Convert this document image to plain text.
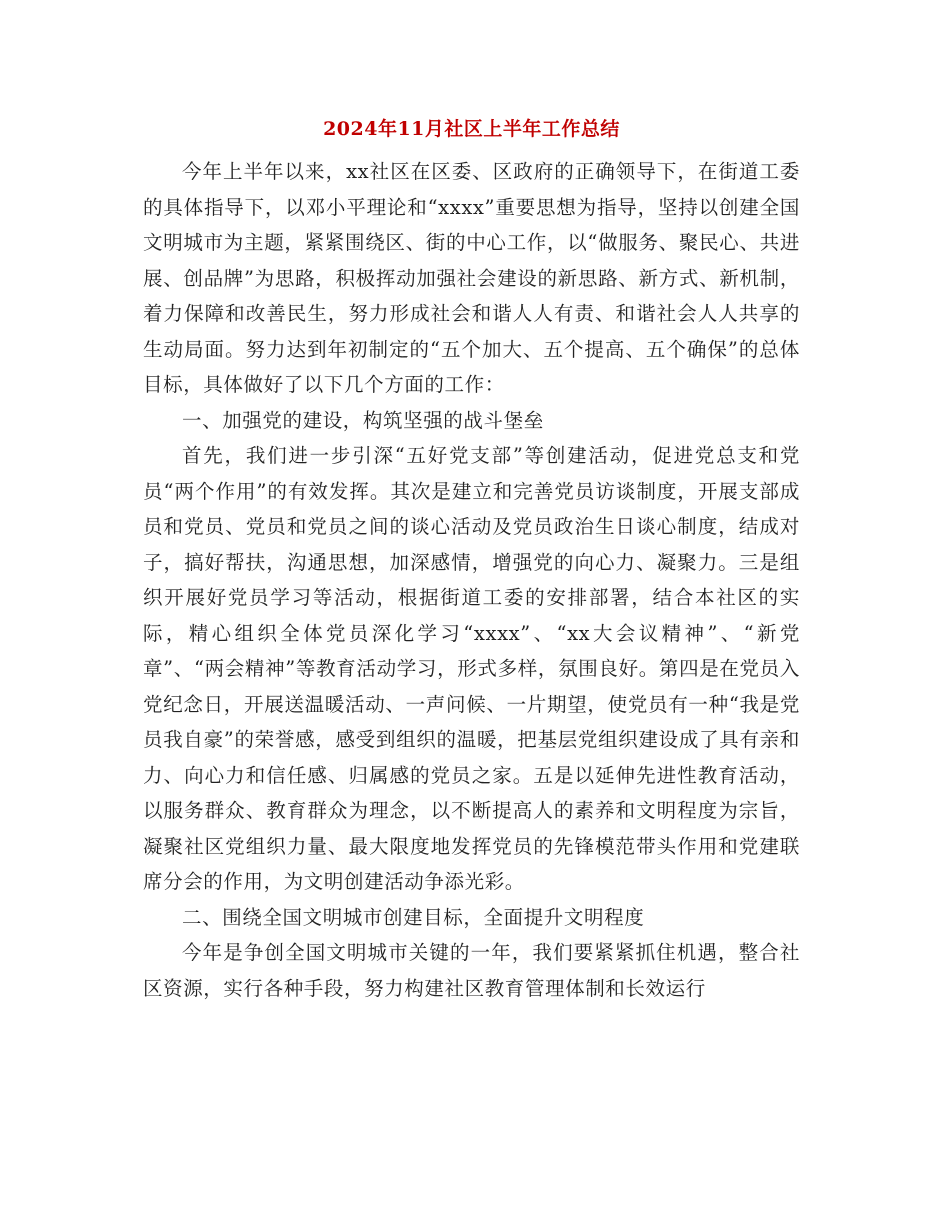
2024年11月社区上半年工作总结

今年上半年以来，xx社区在区委、区政府的正确领导下，在街道工委的具体指导下，以邓小平理论和“xxxx”重要思想为指导，坚持以创建全国文明城市为主题，紧紧围绕区、街的中心工作，以“做服务、聚民心、共进展、创品牌”为思路，积极挥动加强社会建设的新思路、新方式、新机制，着力保障和改善民生，努力形成社会和谐人人有责、和谐社会人人共享的生动局面。努力达到年初制定的“五个加大、五个提高、五个确保”的总体目标，具体做好了以下几个方面的工作：

一、加强党的建设，构筑坚强的战斗堡垒

首先，我们进一步引深“五好党支部”等创建活动，促进党总支和党员“两个作用”的有效发挥。其次是建立和完善党员访谈制度，开展支部成员和党员、党员和党员之间的谈心活动及党员政治生日谈心制度，结成对子，搞好帮扶，沟通思想，加深感情，增强党的向心力、凝聚力。三是组织开展好党员学习等活动，根据街道工委的安排部署，结合本社区的实际，精心组织全体党员深化学习“xxxx”、“xx大会议精神”、“新党章”、“两会精神”等教育活动学习，形式多样，氛围良好。第四是在党员入党纪念日，开展送温暖活动、一声问候、一片期望，使党员有一种“我是党员我自豪”的荣誉感，感受到组织的温暖，把基层党组织建设成了具有亲和力、向心力和信任感、归属感的党员之家。五是以延伸先进性教育活动，以服务群众、教育群众为理念，以不断提高人的素养和文明程度为宗旨，凝聚社区党组织力量、最大限度地发挥党员的先锋模范带头作用和党建联席分会的作用，为文明创建活动争添光彩。

二、围绕全国文明城市创建目标，全面提升文明程度

今年是争创全国文明城市关键的一年，我们要紧紧抓住机遇，整合社区资源，实行各种手段，努力构建社区教育管理体制和长效运行
